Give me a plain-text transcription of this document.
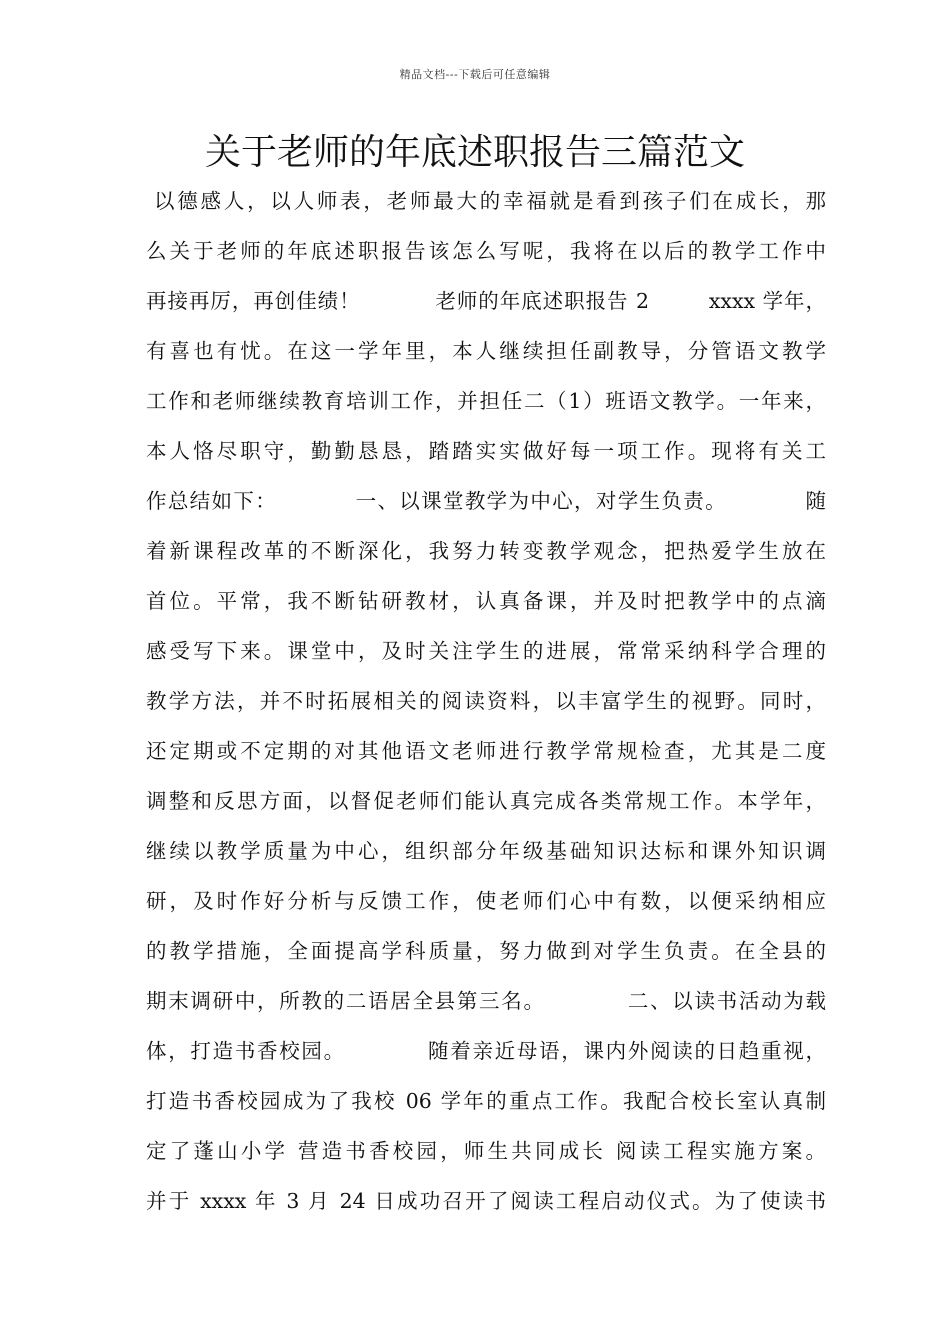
精品文档---下载后可任意编辑
关于老师的年底述职报告三篇范文
以德感人，以人师表，老师最大的幸福就是看到孩子们在成长，那
么关于老师的年底述职报告该怎么写呢，我将在以后的教学工作中
再接再厉，再创佳绩！          老师的年底述职报告 2        xxxx 学年，
有喜也有忧。在这一学年里，本人继续担任副教导，分管语文教学
工作和老师继续教育培训工作，并担任二（1）班语文教学。一年来，
本人恪尽职守，勤勤恳恳，踏踏实实做好每一项工作。现将有关工
作总结如下：          一、以课堂教学为中心，对学生负责。          随
着新课程改革的不断深化，我努力转变教学观念，把热爱学生放在
首位。平常，我不断钻研教材，认真备课，并及时把教学中的点滴
感受写下来。课堂中，及时关注学生的进展，常常采纳科学合理的
教学方法，并不时拓展相关的阅读资料，以丰富学生的视野。同时，
还定期或不定期的对其他语文老师进行教学常规检查，尤其是二度
调整和反思方面，以督促老师们能认真完成各类常规工作。本学年，
继续以教学质量为中心，组织部分年级基础知识达标和课外知识调
研，及时作好分析与反馈工作，使老师们心中有数，以便采纳相应
的教学措施，全面提高学科质量，努力做到对学生负责。在全县的
期末调研中，所教的二语居全县第三名。          二、以读书活动为载
体，打造书香校园。          随着亲近母语，课内外阅读的日趋重视，
打造书香校园成为了我校 06 学年的重点工作。我配合校长室认真制
定了蓬山小学 营造书香校园，师生共同成长 阅读工程实施方案。
并于 xxxx 年 3 月 24 日成功召开了阅读工程启动仪式。为了使读书
